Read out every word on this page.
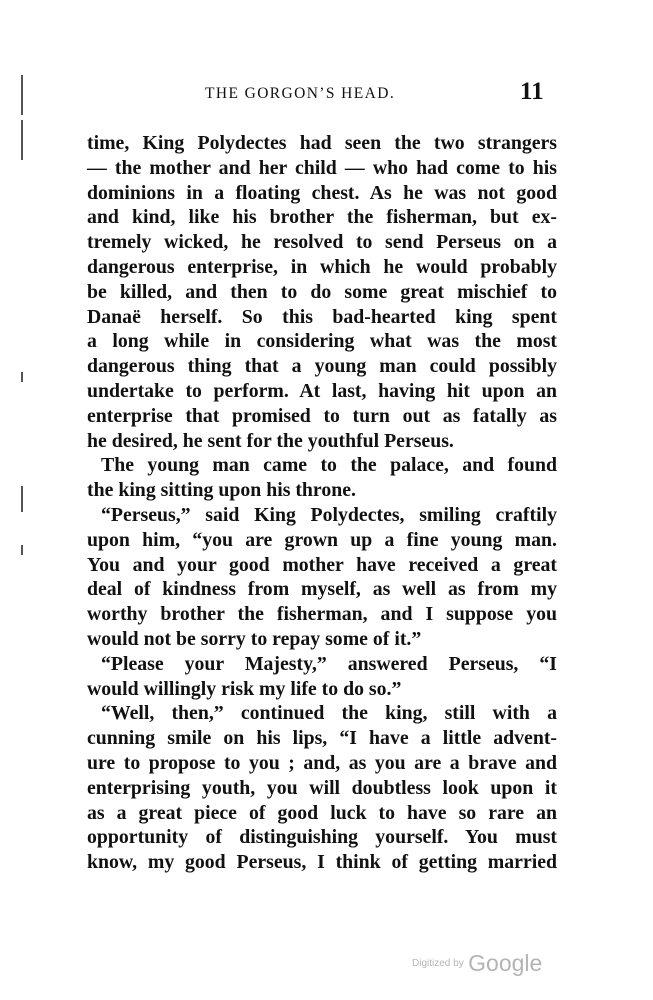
THE GORGON’S HEAD.	11
time, King Polydectes had seen the two strangers
— the mother and her child — who had come to his
dominions in a floating chest. As he was not good
and kind, like his brother the fisherman, but ex-
tremely wicked, he resolved to send Perseus on a
dangerous enterprise, in which he would probably
be killed, and then to do some great mischief to
Danaë herself. So this bad-hearted king spent
a long while in considering what was the most
dangerous thing that a young man could possibly
undertake to perform. At last, having hit upon an
enterprise that promised to turn out as fatally as
he desired, he sent for the youthful Perseus.
The young man came to the palace, and found
the king sitting upon his throne.
“Perseus,” said King Polydectes, smiling craftily
upon him, “you are grown up a fine young man.
You and your good mother have received a great
deal of kindness from myself, as well as from my
worthy brother the fisherman, and I suppose you
would not be sorry to repay some of it.”
“Please your Majesty,” answered Perseus, “I
would willingly risk my life to do so.”
“Well, then,” continued the king, still with a
cunning smile on his lips, “I have a little advent-
ure to propose to you ; and, as you are a brave and
enterprising youth, you will doubtless look upon it
as a great piece of good luck to have so rare an
opportunity of distinguishing yourself. You must
know, my good Perseus, I think of getting married
Digitized by Google
